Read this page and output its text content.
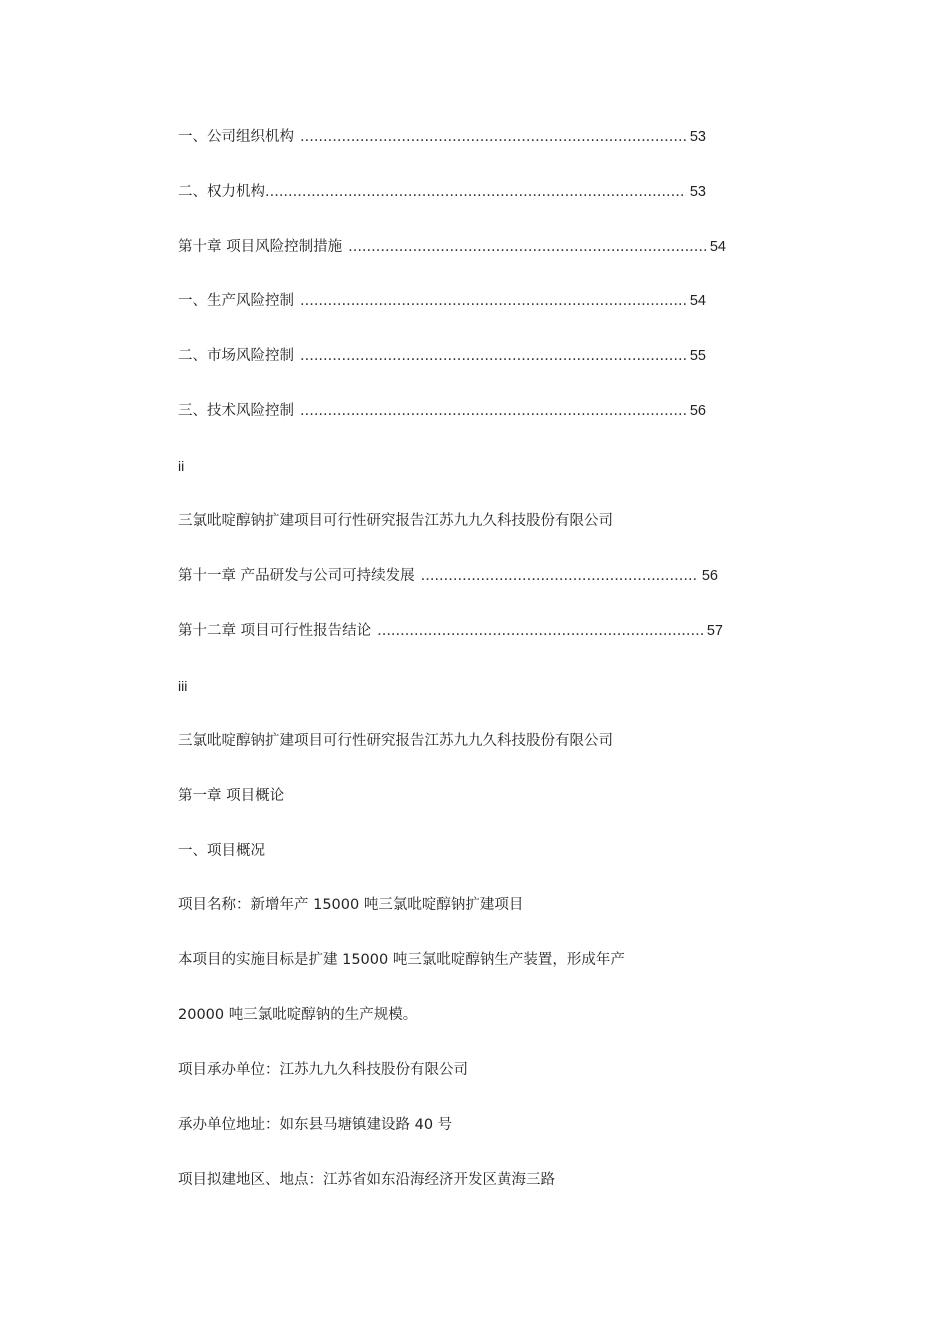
一、公司组织机构 .....	53
二、权力机构 .....	53
第十章 项目风险控制措施 .....	54
一、生产风险控制 .....	54
二、市场风险控制 .....	55
三、技术风险控制 .....	56
ii
三氯吡啶醇钠扩建项目可行性研究报告江苏九九久科技股份有限公司
第十一章 产品研发与公司可持续发展 .....	56
第十二章 项目可行性报告结论 .....	57
iii
三氯吡啶醇钠扩建项目可行性研究报告江苏九九久科技股份有限公司
第一章 项目概论
一、项目概况
项目名称：新增年产 15000 吨三氯吡啶醇钠扩建项目
本项目的实施目标是扩建 15000 吨三氯吡啶醇钠生产装置，形成年产
20000 吨三氯吡啶醇钠的生产规模。
项目承办单位：江苏九九久科技股份有限公司
承办单位地址：如东县马塘镇建设路 40 号
项目拟建地区、地点：江苏省如东沿海经济开发区黄海三路
